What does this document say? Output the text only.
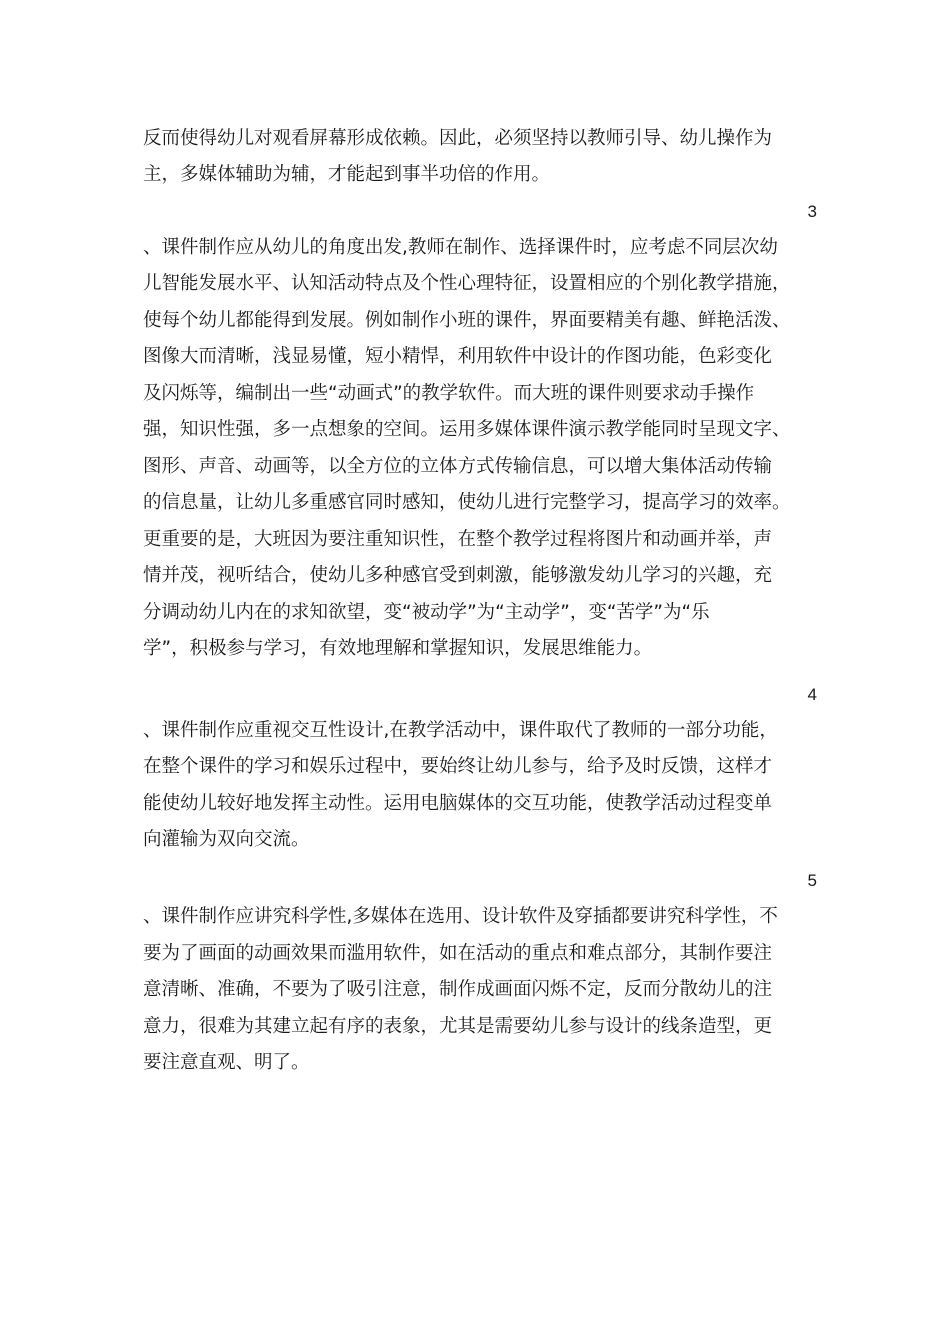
反而使得幼儿对观看屏幕形成依赖。因此，必须坚持以教师引导、幼儿操作为
主，多媒体辅助为辅，才能起到事半功倍的作用。
3
、课件制作应从幼儿的角度出发,教师在制作、选择课件时，应考虑不同层次幼
儿智能发展水平、认知活动特点及个性心理特征，设置相应的个别化教学措施，
使每个幼儿都能得到发展。例如制作小班的课件，界面要精美有趣、鲜艳活泼、
图像大而清晰，浅显易懂，短小精悍，利用软件中设计的作图功能，色彩变化
及闪烁等，编制出一些“动画式”的教学软件。而大班的课件则要求动手操作
强，知识性强，多一点想象的空间。运用多媒体课件演示教学能同时呈现文字、
图形、声音、动画等，以全方位的立体方式传输信息，可以增大集体活动传输
的信息量，让幼儿多重感官同时感知，使幼儿进行完整学习，提高学习的效率。
更重要的是，大班因为要注重知识性，在整个教学过程将图片和动画并举，声
情并茂，视听结合，使幼儿多种感官受到刺激，能够激发幼儿学习的兴趣，充
分调动幼儿内在的求知欲望，变“被动学”为“主动学”，变“苦学”为“乐
学”，积极参与学习，有效地理解和掌握知识，发展思维能力。
4
、课件制作应重视交互性设计,在教学活动中，课件取代了教师的一部分功能，
在整个课件的学习和娱乐过程中，要始终让幼儿参与，给予及时反馈，这样才
能使幼儿较好地发挥主动性。运用电脑媒体的交互功能，使教学活动过程变单
向灌输为双向交流。
5
、课件制作应讲究科学性,多媒体在选用、设计软件及穿插都要讲究科学性，不
要为了画面的动画效果而滥用软件，如在活动的重点和难点部分，其制作要注
意清晰、准确，不要为了吸引注意，制作成画面闪烁不定，反而分散幼儿的注
意力，很难为其建立起有序的表象，尤其是需要幼儿参与设计的线条造型，更
要注意直观、明了。
